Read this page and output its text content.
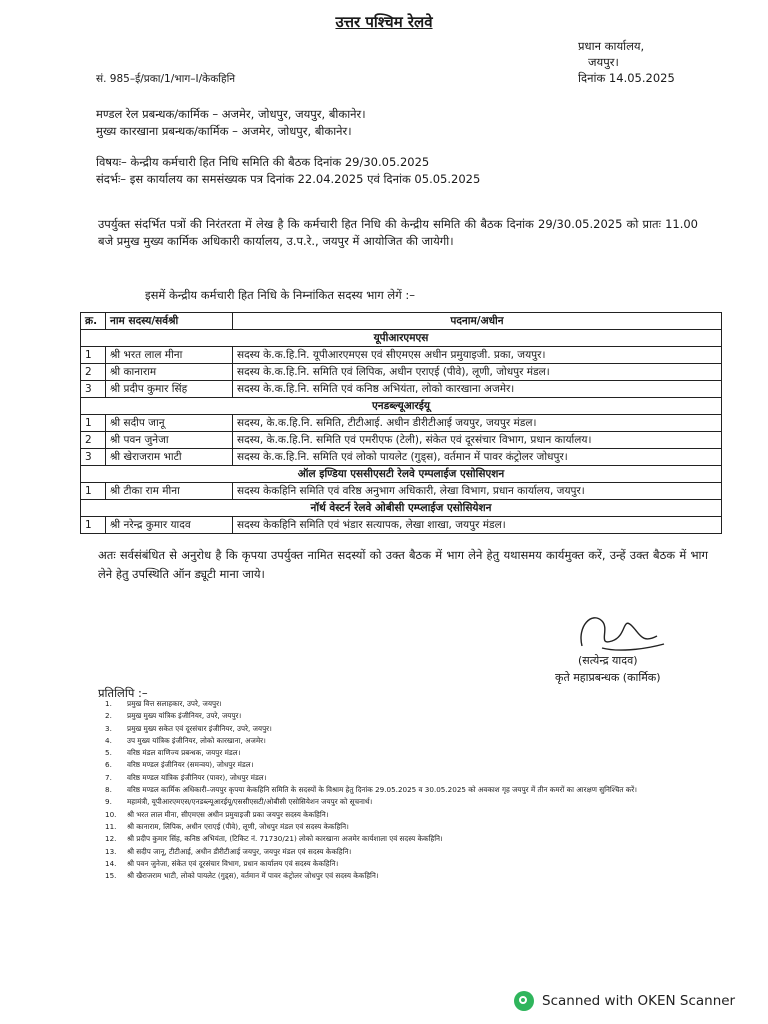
उत्तर पश्चिम रेलवे
प्रधान कार्यालय,
जयपुर।
दिनांक 14.05.2025
सं. 985–ई/प्रका/1/भाग–I/केकहिनि
मण्डल रेल प्रबन्धक/कार्मिक – अजमेर, जोधपुर, जयपुर, बीकानेर।
मुख्य कारखाना प्रबन्धक/कार्मिक – अजमेर, जोधपुर, बीकानेर।
विषयः– केन्द्रीय कर्मचारी हित निधि समिति की बैठक दिनांक 29/30.05.2025
संदर्भः– इस कार्यालय का समसंख्यक पत्र दिनांक 22.04.2025 एवं दिनांक 05.05.2025
उपर्युक्त संदर्भित पत्रों की निरंतरता में लेख है कि कर्मचारी हित निधि की केन्द्रीय समिति की बैठक दिनांक 29/30.05.2025 को प्रातः 11.00 बजे प्रमुख मुख्य कार्मिक अधिकारी कार्यालय, उ.प.रे., जयपुर में आयोजित की जायेगी।
इसमें केन्द्रीय कर्मचारी हित निधि के निम्नांकित सदस्य भाग लेगें :–
क्र.	नाम सदस्य/सर्वश्री	पदनाम/अधीन
यूपीआरएमएस		
1	श्री भरत लाल मीना	सदस्य के.क.हि.नि. यूपीआरएमएस एवं सीएमएस अधीन प्रमुयाइजी. प्रका, जयपुर।
2	श्री कानाराम	सदस्य के.क.हि.नि. समिति एवं लिपिक, अधीन एराएई (पीवे), लूणी, जोधपुर मंडल।
3	श्री प्रदीप कुमार सिंह	सदस्य के.क.हि.नि. समिति एवं कनिष्ठ अभियंता, लोको कारखाना अजमेर।
एनडब्ल्यूआरईयू		
1	श्री सदीप जानू	सदस्य, के.क.हि.नि. समिति, टीटीआई. अधीन डीरीटीआई जयपुर, जयपुर मंडल।
2	श्री पवन जुनेजा	सदस्य, के.क.हि.नि. समिति एवं एमरीएफ (टेली), संकेत एवं दूरसंचार विभाग, प्रधान कार्यालय।
3	श्री खेराजराम भाटी	सदस्य के.क.हि.नि. समिति एवं लोको पायलेट (गुड्स), वर्तमान में पावर कंट्रोलर जोधपुर।
ऑल इण्डिया एससीएसटी रेलवे एम्पलाईज एसोसिएशन		
1	श्री टीका राम मीना	सदस्य केकहिनि समिति एवं वरिष्ठ अनुभाग अधिकारी, लेखा विभाग, प्रधान कार्यालय, जयपुर।
नॉर्थ वेस्टर्न रेलवे ओबीसी एम्प्लाईज एसोसियेशन		
1	श्री नरेन्द्र कुमार यादव	सदस्य केकहिनि समिति एवं भंडार सत्यापक, लेखा शाखा, जयपुर मंडल।
अतः सर्वसंबंधित से अनुरोध है कि कृपया उपर्युक्त नामित सदस्यों को उक्त बैठक में भाग लेने हेतु यथासमय कार्यमुक्त करें, उन्हें उक्त बैठक में भाग लेने हेतु उपस्थिति ऑन ड्यूटी माना जाये।
(सत्येन्द्र यादव)
कृते महाप्रबन्धक (कार्मिक)
प्रतिलिपि :–
1.	प्रमुख वित्त सलाहकार, उपरे, जयपुर।
2.	प्रमुख मुख्य यांत्रिक इंजीनियर, उपरे, जयपुर।
3.	प्रमुख मुख्य सकेत एवं दूरसंचार इंजीनियर, उपरे, जयपुर।
4.	उप मुख्य यांत्रिक इंजीनियर, लोको कारखाना, अजमेर।
5.	वरिष्ठ मंडल वाणिज्य प्रबन्धक, जयपुर मंडल।
6.	वरिष्ठ मण्डल इंजीनियर (समन्वय), जोधपुर मंडल।
7.	वरिष्ठ मण्डल यांत्रिक इंजीनियर (पावर), जोधपुर मंडल।
8.	वरिष्ठ मण्डल कार्मिक अधिकारी–जयपुर कृपया केकहिनि समिति के सदस्यों के विश्राम हेतु दिनांक 29.05.2025 व 30.05.2025 को अवकाश गृह जयपुर में तीन कमरों का आरक्षण सुनिश्चित करें।
9.	महामंत्री, यूपीआरएमएस/एनडब्ल्यूआरईयू/एससीएसटी/ओबीसी एसोसियेशन जयपुर को सूचनार्थ।
10.	श्री भरत लाल मीना, सीएमएस अधीन प्रमुयाइजी प्रका जयपुर सदस्य केकहिनि।
11.	श्री कानाराम, लिपिक, अधीन एराएई (पीवे), लूणी, जोधपुर मंडल एवं सदस्य केकहिनि।
12.	श्री प्रदीप कुमार सिंह, कनिष्ठ अभियंता, (टिकिट नं. 71730/21) लोको कारखाना अजमेर कार्यशाला एवं सदस्य केकहिनि।
13.	श्री सदीप जानू, टीटीआई, अधीन डीरीटीआई जयपुर, जयपुर मंडल एवं सदस्य केकहिनि।
14.	श्री पवन जुनेजा, संकेत एवं दूरसंचार विभाग, प्रधान कार्यालय एवं सदस्य केकहिनि।
15.	श्री खैराजराम भाटी, लोको पायलेट (गुड्स), वर्तमान में पावर कंट्रोलर जोधपुर एवं सदस्य केकहिनि।
Scanned with OKEN Scanner
